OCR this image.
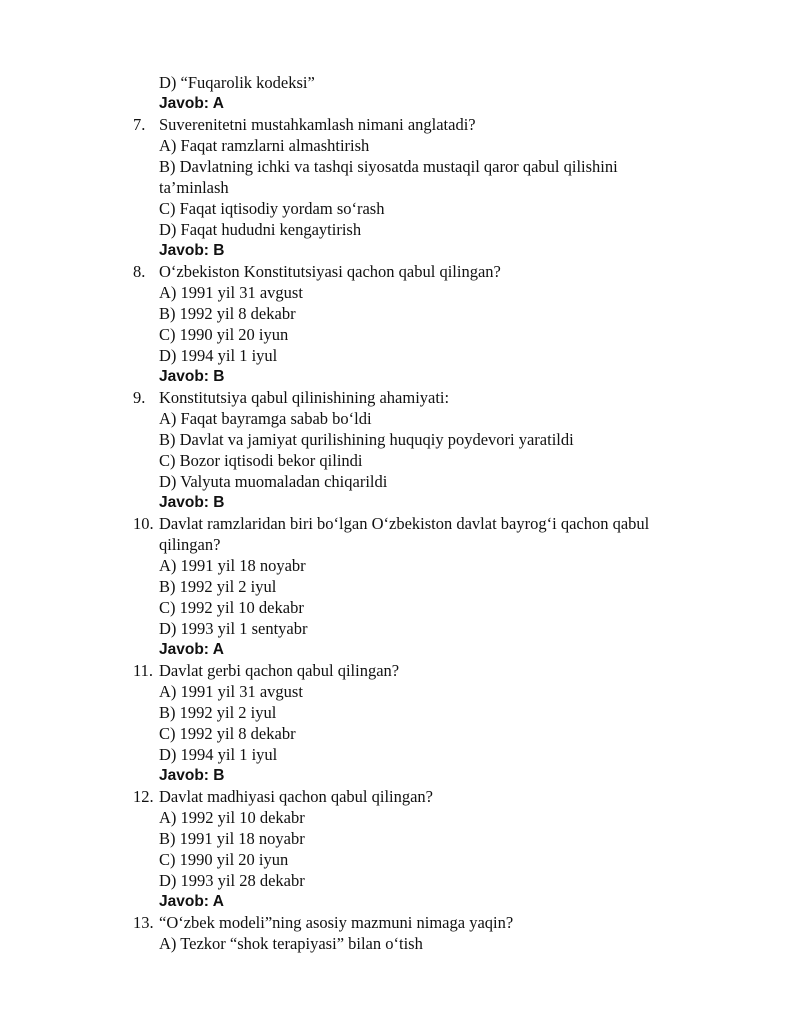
D) “Fuqarolik kodeksi”
Javob: A
7. Suverenitetni mustahkamlash nimani anglatadi?
A) Faqat ramzlarni almashtirish
B) Davlatning ichki va tashqi siyosatda mustaqil qaror qabul qilishini
ta’minlash
C) Faqat iqtisodiy yordam so‘rash
D) Faqat hududni kengaytirish
Javob: B
8. O‘zbekiston Konstitutsiyasi qachon qabul qilingan?
A) 1991 yil 31 avgust
B) 1992 yil 8 dekabr
C) 1990 yil 20 iyun
D) 1994 yil 1 iyul
Javob: B
9. Konstitutsiya qabul qilinishining ahamiyati:
A) Faqat bayramga sabab bo‘ldi
B) Davlat va jamiyat qurilishining huquqiy poydevori yaratildi
C) Bozor iqtisodi bekor qilindi
D) Valyuta muomaladan chiqarildi
Javob: B
10. Davlat ramzlaridan biri bo‘lgan O‘zbekiston davlat bayrog‘i qachon qabul
qilingan?
A) 1991 yil 18 noyabr
B) 1992 yil 2 iyul
C) 1992 yil 10 dekabr
D) 1993 yil 1 sentyabr
Javob: A
11. Davlat gerbi qachon qabul qilingan?
A) 1991 yil 31 avgust
B) 1992 yil 2 iyul
C) 1992 yil 8 dekabr
D) 1994 yil 1 iyul
Javob: B
12. Davlat madhiyasi qachon qabul qilingan?
A) 1992 yil 10 dekabr
B) 1991 yil 18 noyabr
C) 1990 yil 20 iyun
D) 1993 yil 28 dekabr
Javob: A
13. “O‘zbek modeli”ning asosiy mazmuni nimaga yaqin?
A) Tezkor “shok terapiyasi” bilan o‘tish
